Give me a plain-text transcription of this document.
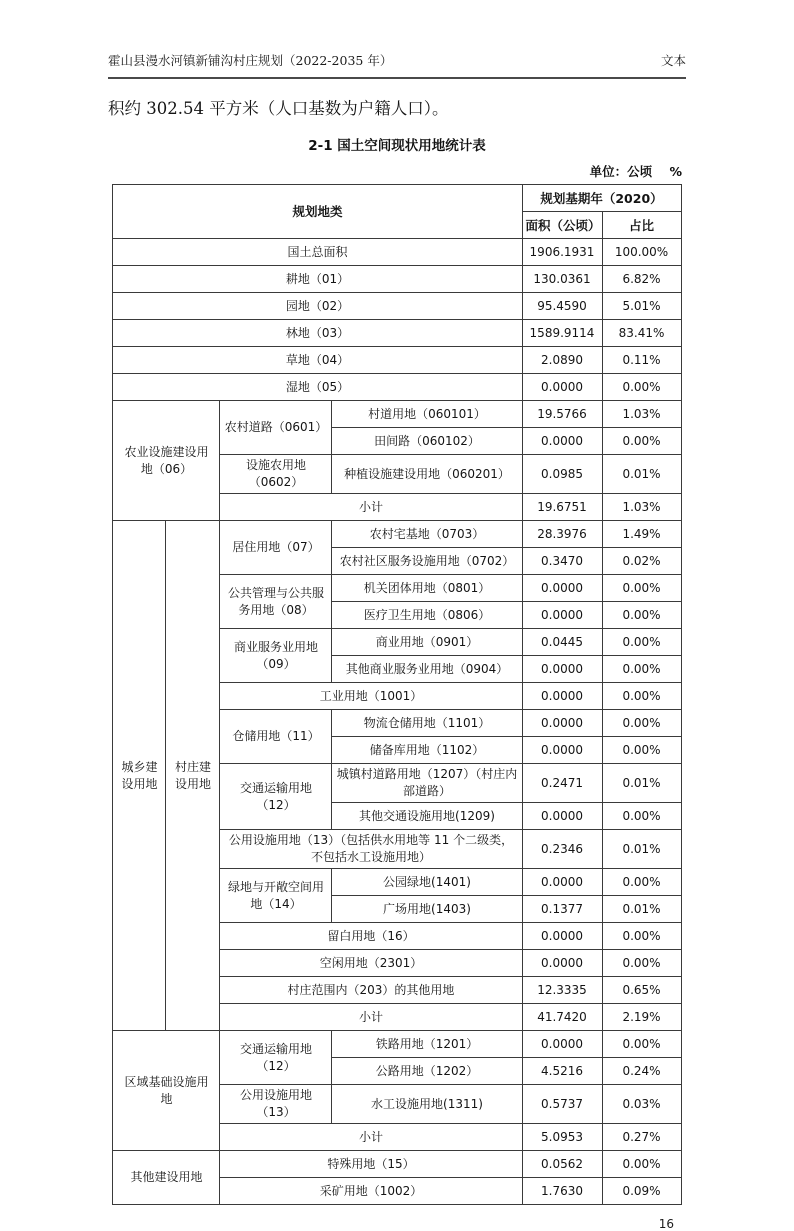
霍山县漫水河镇新铺沟村庄规划（2022-2035 年）	文本

积约 302.54 平方米（人口基数为户籍人口）。

2-1 国土空间现状用地统计表
单位：公顷    %
规划地类				规划基期年（2020）	
				面积（公顷）	占比
国土总面积				1906.1931	100.00%
耕地（01）				130.0361	6.82%
园地（02）				95.4590	5.01%
林地（03）				1589.9114	83.41%
草地（04）				2.0890	0.11%
湿地（05）				0.0000	0.00%
农业设施建设用地（06）		农村道路（0601）	村道用地（060101）	19.5766	1.03%
			田间路（060102）	0.0000	0.00%
		设施农用地（0602）	种植设施建设用地（060201）	0.0985	0.01%
		小计		19.6751	1.03%
城乡建设用地	村庄建设用地	居住用地（07）	农村宅基地（0703）	28.3976	1.49%
			农村社区服务设施用地（0702）	0.3470	0.02%
		公共管理与公共服务用地（08）	机关团体用地（0801）	0.0000	0.00%
			医疗卫生用地（0806）	0.0000	0.00%
		商业服务业用地（09）	商业用地（0901）	0.0445	0.00%
			其他商业服务业用地（0904）	0.0000	0.00%
		工业用地（1001）		0.0000	0.00%
		仓储用地（11）	物流仓储用地（1101）	0.0000	0.00%
			储备库用地（1102）	0.0000	0.00%
		交通运输用地（12）	城镇村道路用地（1207）（村庄内部道路）	0.2471	0.01%
			其他交通设施用地(1209)	0.0000	0.00%
		公用设施用地（13）（包括供水用地等 11 个二级类，不包括水工设施用地）		0.2346	0.01%
		绿地与开敞空间用地（14）	公园绿地(1401)	0.0000	0.00%
			广场用地(1403)	0.1377	0.01%
		留白用地（16）		0.0000	0.00%
		空闲用地（2301）		0.0000	0.00%
		村庄范围内（203）的其他用地		12.3335	0.65%
		小计		41.7420	2.19%
区域基础设施用地		交通运输用地（12）	铁路用地（1201）	0.0000	0.00%
			公路用地（1202）	4.5216	0.24%
		公用设施用地（13）	水工设施用地(1311)	0.5737	0.03%
		小计		5.0953	0.27%
其他建设用地		特殊用地（15）		0.0562	0.00%
		采矿用地（1002）		1.7630	0.09%
16
